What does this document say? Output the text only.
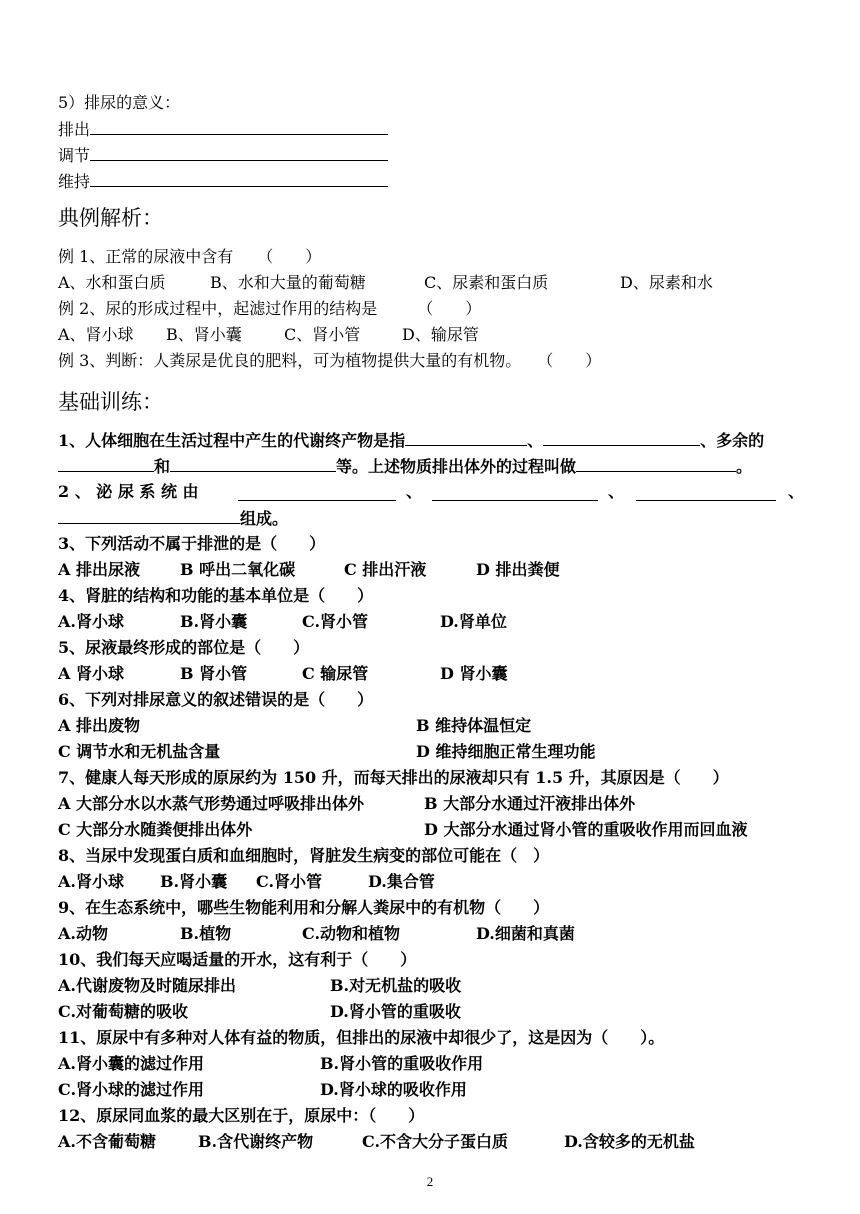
5）排尿的意义：
排出
调节
维持
典例解析：
例 1、正常的尿液中含有　　（　　）
A、水和蛋白质	B、水和大量的葡萄糖	C、尿素和蛋白质	D、尿素和水
例 2、尿的形成过程中，起滤过作用的结构是　　　（　　）
A、肾小球 B、肾小囊	C、肾小管	D、输尿管
例 3、判断：人粪尿是优良的肥料，可为植物提供大量的有机物。　　（　　）
基础训练：
1、人体细胞在生活过程中产生的代谢终产物是指	、	、多余的
和	等。上述物质排出体外的过程叫做	。
2 、 泌 尿 系 统 由	、	、	、
组成。
3、下列活动不属于排泄的是（　　）
A 排出尿液	B 呼出二氧化碳	C 排出汗液	D 排出粪便
4、肾脏的结构和功能的基本单位是（　　）
A.肾小球	B.肾小囊	C.肾小管	D.肾单位
5、尿液最终形成的部位是（　　）
A 肾小球	B 肾小管	C 输尿管	D 肾小囊
6、下列对排尿意义的叙述错误的是（　　）
A 排出废物	B 维持体温恒定
C 调节水和无机盐含量	D 维持细胞正常生理功能
7、健康人每天形成的原尿约为 150 升，而每天排出的尿液却只有 1.5 升，其原因是（　　）
A 大部分水以水蒸气形势通过呼吸排出体外	B 大部分水通过汗液排出体外
C 大部分水随粪便排出体外	D 大部分水通过肾小管的重吸收作用而回血液
8、当尿中发现蛋白质和血细胞时，肾脏发生病变的部位可能在（　）
A.肾小球 B.肾小囊 C.肾小管	D.集合管
9、在生态系统中，哪些生物能利用和分解人粪尿中的有机物（　　）
A.动物	B.植物	C.动物和植物	D.细菌和真菌
10、我们每天应喝适量的开水，这有利于（　　）
A.代谢废物及时随尿排出	B.对无机盐的吸收
C.对葡萄糖的吸收	D.肾小管的重吸收
11、原尿中有多种对人体有益的物质，但排出的尿液中却很少了，这是因为（　　）。
A.肾小囊的滤过作用	B.肾小管的重吸收作用
C.肾小球的滤过作用	D.肾小球的吸收作用
12、原尿同血浆的最大区别在于，原尿中：（　　）
A.不含葡萄糖	B.含代谢终产物	C.不含大分子蛋白质	D.含较多的无机盐
2
